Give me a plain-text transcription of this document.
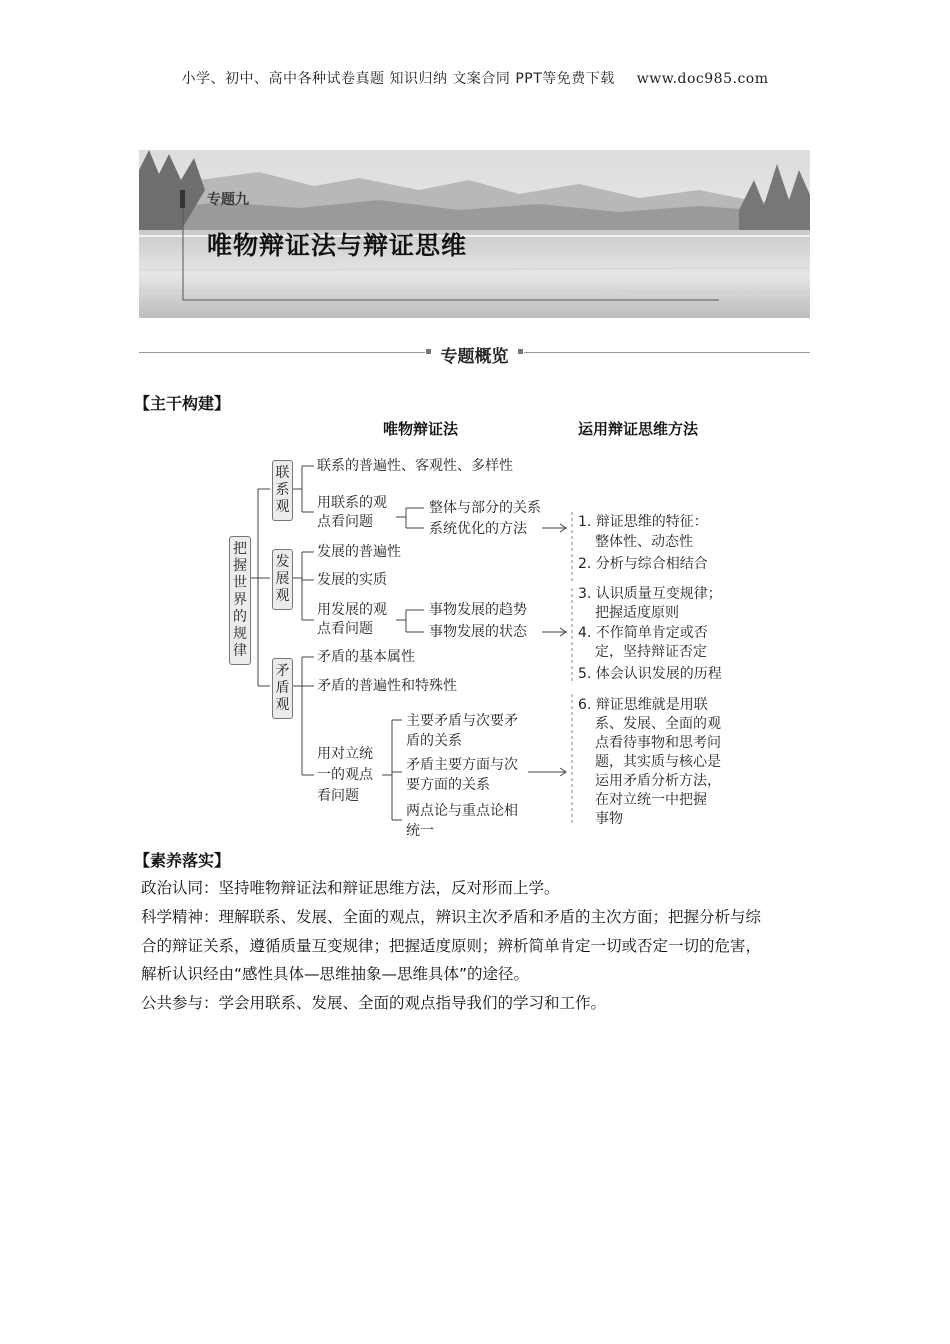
小学、初中、高中各种试卷真题 知识归纳 文案合同 PPT等免费下载 www.doc985.com
专题九
唯物辩证法与辩证思维
专题概览
【主干构建】
唯物辩证法	运用辩证思维方法
把握世界的规律
联系观
发展观
矛盾观
联系的普遍性、客观性、多样性
用联系的观点看问题
整体与部分的关系
系统优化的方法
发展的普遍性
发展的实质
用发展的观点看问题
事物发展的趋势
事物发展的状态
矛盾的基本属性
矛盾的普遍性和特殊性
用对立统一的观点看问题
主要矛盾与次要矛盾的关系
矛盾主要方面与次要方面的关系
两点论与重点论相统一
1. 辩证思维的特征：
整体性、动态性
2. 分析与综合相结合
3. 认识质量互变规律；
把握适度原则
4. 不作简单肯定或否
定，坚持辩证否定
5. 体会认识发展的历程
6. 辩证思维就是用联
系、发展、全面的观
点看待事物和思考问
题，其实质与核心是
运用矛盾分析方法，
在对立统一中把握
事物
【素养落实】
政治认同：坚持唯物辩证法和辩证思维方法，反对形而上学。
科学精神：理解联系、发展、全面的观点，辨识主次矛盾和矛盾的主次方面；把握分析与综
合的辩证关系，遵循质量互变规律；把握适度原则；辨析简单肯定一切或否定一切的危害，
解析认识经由“感性具体—思维抽象—思维具体”的途径。
公共参与：学会用联系、发展、全面的观点指导我们的学习和工作。
